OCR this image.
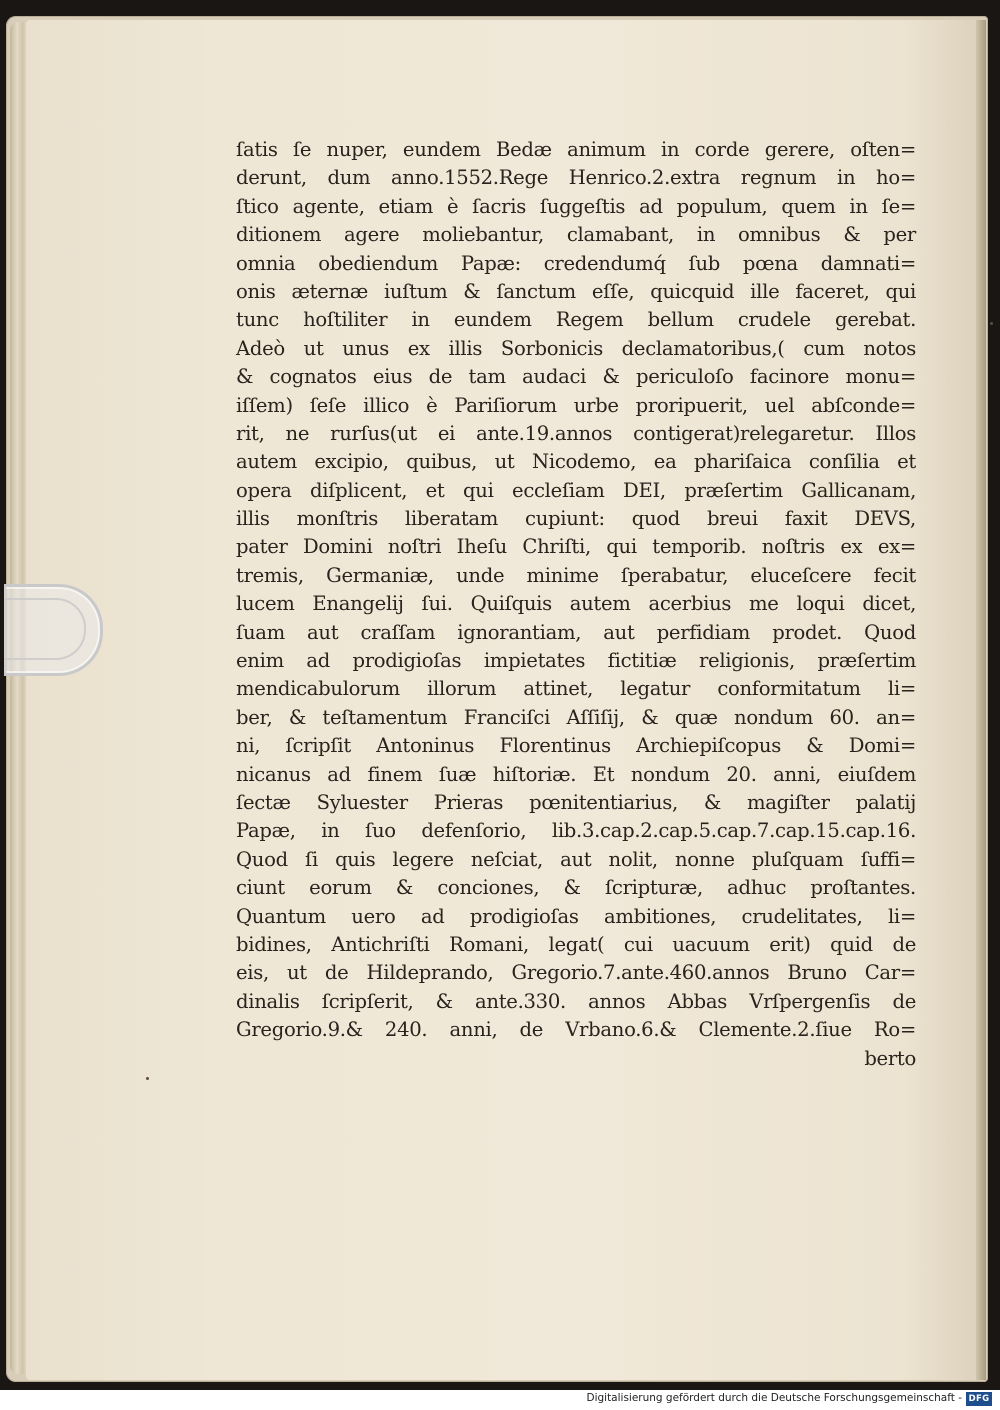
ſatis ſe nuper, eundem Bedæ animum in corde gerere, oſten=
derunt, dum anno.1552.Rege Henrico.2.extra regnum in ho=
ſtico agente, etiam è ſacris ſuggeſtis ad populum, quem in ſe=
ditionem agere moliebantur, clamabant, in omnibus & per
omnia obediendum Papæ: credendumq́ ſub pœna damnati=
onis æternæ iuſtum & ſanctum eſſe, quicquid ille faceret, qui
tunc hoſtiliter in eundem Regem bellum crudele gerebat.
Adeò ut unus ex illis Sorbonicis declamatoribus,( cum notos
& cognatos eius de tam audaci & periculoſo facinore monu=
iſſem) ſeſe illico è Pariſiorum urbe proripuerit, uel abſconde=
rit, ne rurſus(ut ei ante.19.annos contigerat)relegaretur. Illos
autem excipio, quibus, ut Nicodemo, ea phariſaica conſilia et
opera diſplicent, et qui eccleſiam DEI, præſertim Gallicanam,
illis monſtris liberatam cupiunt: quod breui faxit DEVS,
pater Domini noſtri Iheſu Chriſti, qui temporib. noſtris ex ex=
tremis, Germaniæ, unde minime ſperabatur, eluceſcere fecit
lucem Enangelij ſui. Quiſquis autem acerbius me loqui dicet,
ſuam aut craſſam ignorantiam, aut perfidiam prodet. Quod
enim ad prodigioſas impietates fictitiæ religionis, præſertim
mendicabulorum illorum attinet, legatur conformitatum li=
ber, & teſtamentum Franciſci Aſſiſij, & quæ nondum 60. an=
ni, ſcripſit Antoninus Florentinus Archiepiſcopus & Domi=
nicanus ad finem ſuæ hiſtoriæ. Et nondum 20. anni, eiuſdem
ſectæ Syluester Prieras pœnitentiarius, & magiſter palatij
Papæ, in ſuo defenſorio, lib.3.cap.2.cap.5.cap.7.cap.15.cap.16.
Quod ſi quis legere neſciat, aut nolit, nonne pluſquam ſuffi=
ciunt eorum & conciones, & ſcripturæ, adhuc proſtantes.
Quantum uero ad prodigioſas ambitiones, crudelitates, li=
bidines, Antichriſti Romani, legat( cui uacuum erit) quid de
eis, ut de Hildeprando, Gregorio.7.ante.460.annos Bruno Car=
dinalis ſcripſerit, & ante.330. annos Abbas Vrſpergenſis de
Gregorio.9.& 240. anni, de Vrbano.6.& Clemente.2.ſiue Ro=
berto
Digitalisierung gefördert durch die Deutsche Forschungsgemeinschaft - DFG
